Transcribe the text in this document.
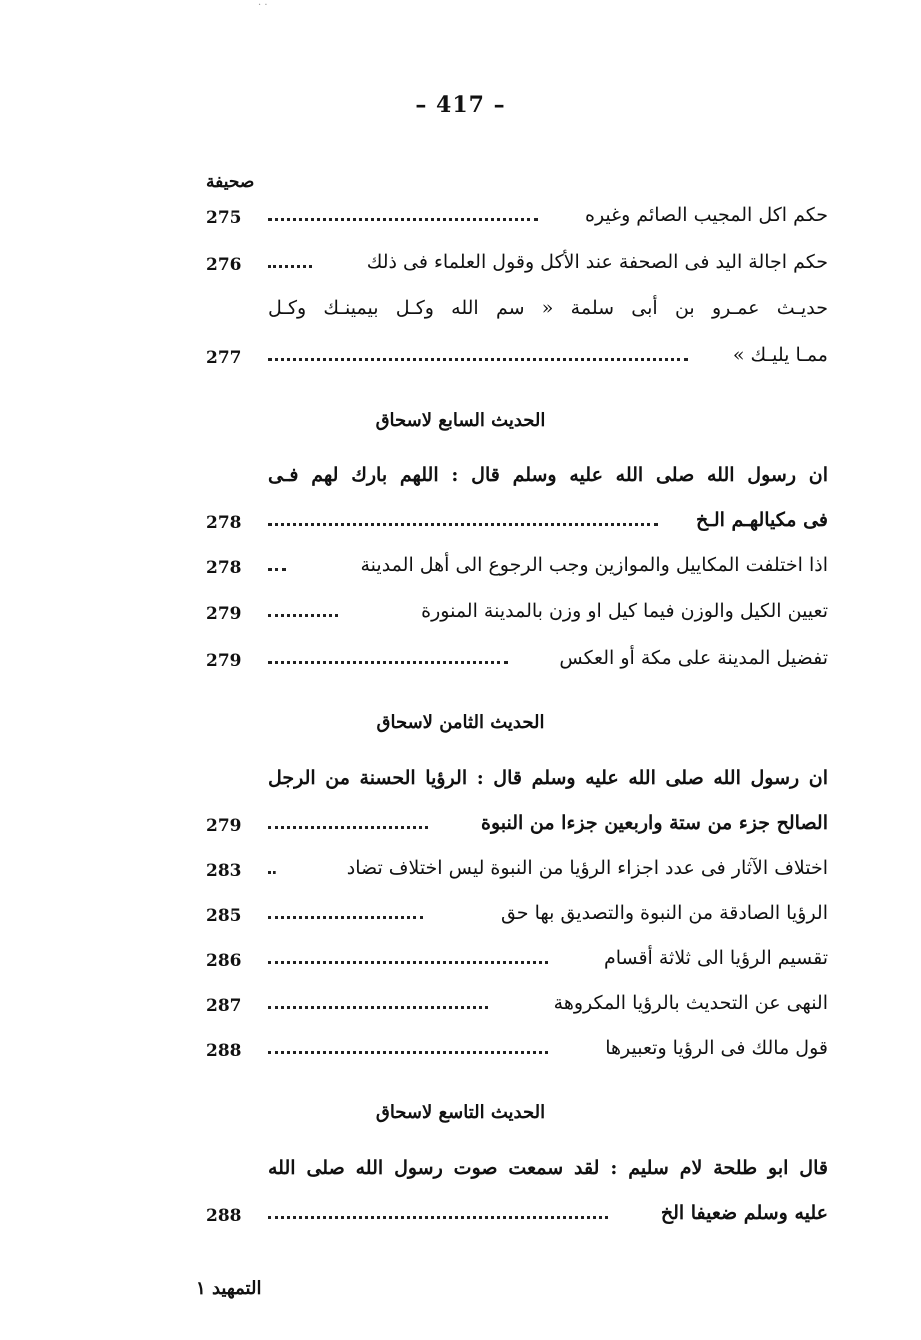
· ·
– 417 –
صحيفة
حكم اكل المجيب الصائم وغيره
275
حكم اجالة اليد فى الصحفة عند الأكل وقول العلماء فى ذلك
276
حديـث عمـرو بن أبى سلمة « سم الله وكـل بيمينـك وكـل
ممـا يليـك »
277
ان رسول الله صلى الله عليه وسلم قال : اللهم بارك لهم فـى
فى مكيالهـم الـخ
278
اذا اختلفت المكاييل والموازين وجب الرجوع الى أهل المدينة
278
تعيين الكيل والوزن فيما كيل او وزن بالمدينة المنورة
279
تفضيل المدينة على مكة أو العكس
279
ان رسول الله صلى الله عليه وسلم قال : الرؤيا الحسنة من الرجل
الصالح جزء من ستة واربعين جزءا من النبوة
279
اختلاف الآثار فى عدد اجزاء الرؤيا من النبوة ليس اختلاف تضاد
283
الرؤيا الصادقة من النبوة والتصديق بها حق
285
تقسيم الرؤيا الى ثلاثة أقسام
286
النهى عن التحديث بالرؤيا المكروهة
287
قول مالك فى الرؤيا وتعبيرها
288
قال ابو طلحة لام سليم : لقد سمعت صوت رسول الله صلى الله
عليه وسلم ضعيفا الخ
288
الحديث السابع لاسحاق
الحديث الثامن لاسحاق
الحديث التاسع لاسحاق
التمهيد ١
